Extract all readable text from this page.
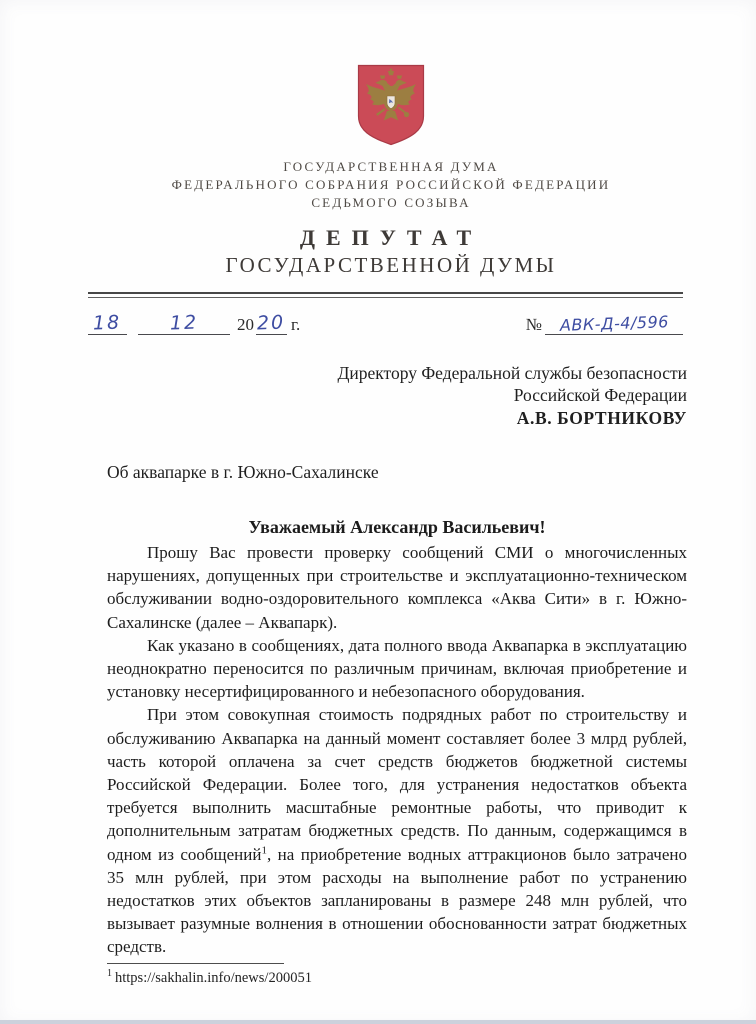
ГОСУДАРСТВЕННАЯ ДУМА
ФЕДЕРАЛЬНОГО СОБРАНИЯ РОССИЙСКОЙ ФЕДЕРАЦИИ
СЕДЬМОГО СОЗЫВА
ДЕПУТАТ
ГОСУДАРСТВЕННОЙ ДУМЫ
18	12	20 20 г.	№ АВК-Д-4/596
Директору Федеральной службы безопасности
Российской Федерации
А.В. БОРТНИКОВУ
Об аквапарке в г. Южно-Сахалинске
Уважаемый Александр Васильевич!

Прошу Вас провести проверку сообщений СМИ о многочисленных нарушениях, допущенных при строительстве и эксплуатационно-техническом обслуживании водно-оздоровительного комплекса «Аква Сити» в г. Южно-Сахалинске (далее – Аквапарк).

Как указано в сообщениях, дата полного ввода Аквапарка в эксплуатацию неоднократно переносится по различным причинам, включая приобретение и установку несертифицированного и небезопасного оборудования.

При этом совокупная стоимость подрядных работ по строительству и обслуживанию Аквапарка на данный момент составляет более 3 млрд рублей, часть которой оплачена за счет средств бюджетов бюджетной системы Российской Федерации. Более того, для устранения недостатков объекта требуется выполнить масштабные ремонтные работы, что приводит к дополнительным затратам бюджетных средств. По данным, содержащимся в одном из сообщений$^1$, на приобретение водных аттракционов было затрачено 35 млн рублей, при этом расходы на выполнение работ по устранению недостатков этих объектов запланированы в размере 248 млн рублей, что вызывает разумные волнения в отношении обоснованности затрат бюджетных средств.

$^1$ https://sakhalin.info/news/200051
